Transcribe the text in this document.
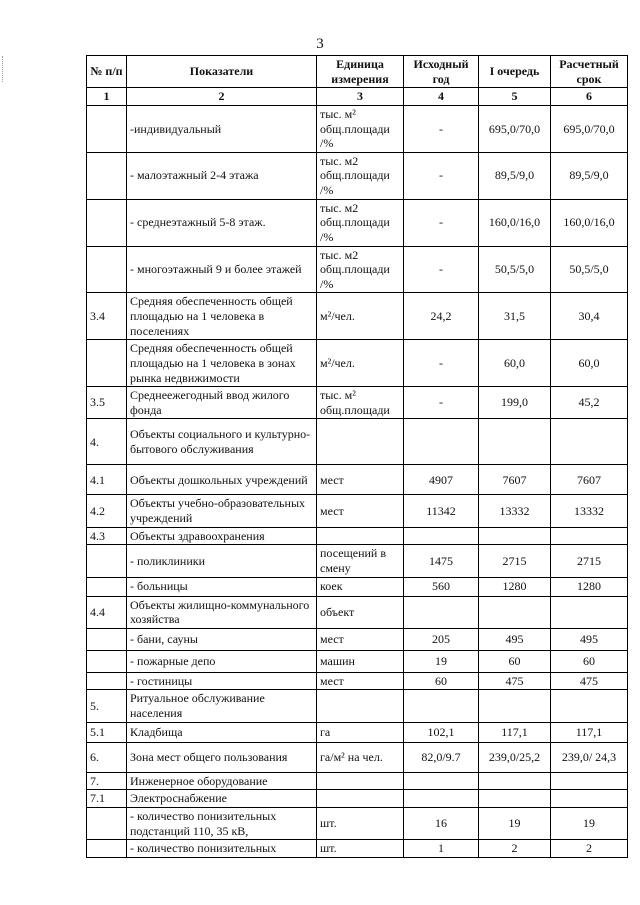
3
№ п/п	Показатели	Единица измерения	Исходный год	I очередь	Расчетный срок
1	2	3	4	5	6
	-индивидуальный	тыс. м² общ.площади /%	-	695,0/70,0	695,0/70,0
	- малоэтажный 2-4 этажа	тыс. м2 общ.площади /%	-	89,5/9,0	89,5/9,0
	- среднеэтажный 5-8 этаж.	тыс. м2 общ.площади /%	-	160,0/16,0	160,0/16,0
	- многоэтажный 9 и более этажей	тыс. м2 общ.площади /%	-	50,5/5,0	50,5/5,0
3.4	Средняя обеспеченность общей площадью на 1 человека в поселениях	м²/чел.	24,2	31,5	30,4
	Средняя обеспеченность общей площадью на 1 человека в зонах рынка недвижимости	м²/чел.	-	60,0	60,0
3.5	Среднеежегодный ввод жилого фонда	тыс. м² общ.площади	-	199,0	45,2
4.	Объекты социального и культурно-бытового обслуживания				
4.1	Объекты дошкольных учреждений	мест	4907	7607	7607
4.2	Объекты учебно-образовательных учреждений	мест	11342	13332	13332
4.3	Объекты здравоохранения				
	- поликлиники	посещений в смену	1475	2715	2715
	- больницы	коек	560	1280	1280
4.4	Объекты жилищно-коммунального хозяйства	объект			
	- бани, сауны	мест	205	495	495
	- пожарные депо	машин	19	60	60
	- гостиницы	мест	60	475	475
5.	Ритуальное обслуживание населения				
5.1	Кладбища	га	102,1	117,1	117,1
6.	Зона мест общего пользования	га/м² на чел.	82,0/9.7	239,0/25,2	239,0/ 24,3
7.	Инженерное оборудование				
7.1	Электроснабжение				
	- количество понизительных подстанций 110, 35 кВ,	шт.	16	19	19
	- количество понизительных	шт.	1	2	2
